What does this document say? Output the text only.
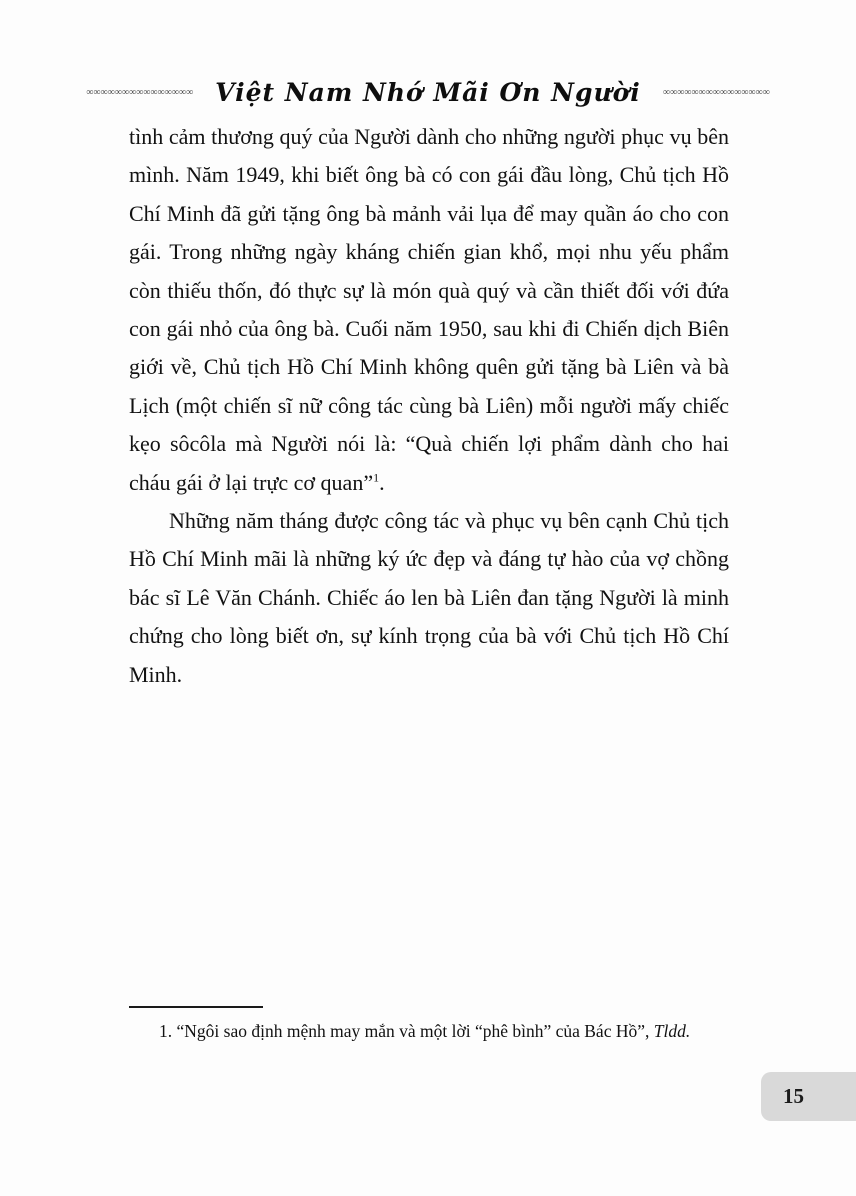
∞∞∞∞∞∞∞∞∞∞∞∞∞∞∞ Việt Nam Nhớ Mãi Ơn Người ∞∞∞∞∞∞∞∞∞∞∞∞∞∞∞

tình cảm thương quý của Người dành cho những người phục vụ bên mình. Năm 1949, khi biết ông bà có con gái đầu lòng, Chủ tịch Hồ Chí Minh đã gửi tặng ông bà mảnh vải lụa để may quần áo cho con gái. Trong những ngày kháng chiến gian khổ, mọi nhu yếu phẩm còn thiếu thốn, đó thực sự là món quà quý và cần thiết đối với đứa con gái nhỏ của ông bà. Cuối năm 1950, sau khi đi Chiến dịch Biên giới về, Chủ tịch Hồ Chí Minh không quên gửi tặng bà Liên và bà Lịch (một chiến sĩ nữ công tác cùng bà Liên) mỗi người mấy chiếc kẹo sôcôla mà Người nói là: “Quà chiến lợi phẩm dành cho hai cháu gái ở lại trực cơ quan”$^1$.

Những năm tháng được công tác và phục vụ bên cạnh Chủ tịch Hồ Chí Minh mãi là những ký ức đẹp và đáng tự hào của vợ chồng bác sĩ Lê Văn Chánh. Chiếc áo len bà Liên đan tặng Người là minh chứng cho lòng biết ơn, sự kính trọng của bà với Chủ tịch Hồ Chí Minh.

1. “Ngôi sao định mệnh may mắn và một lời “phê bình” của Bác Hồ”, Tldd.

15
